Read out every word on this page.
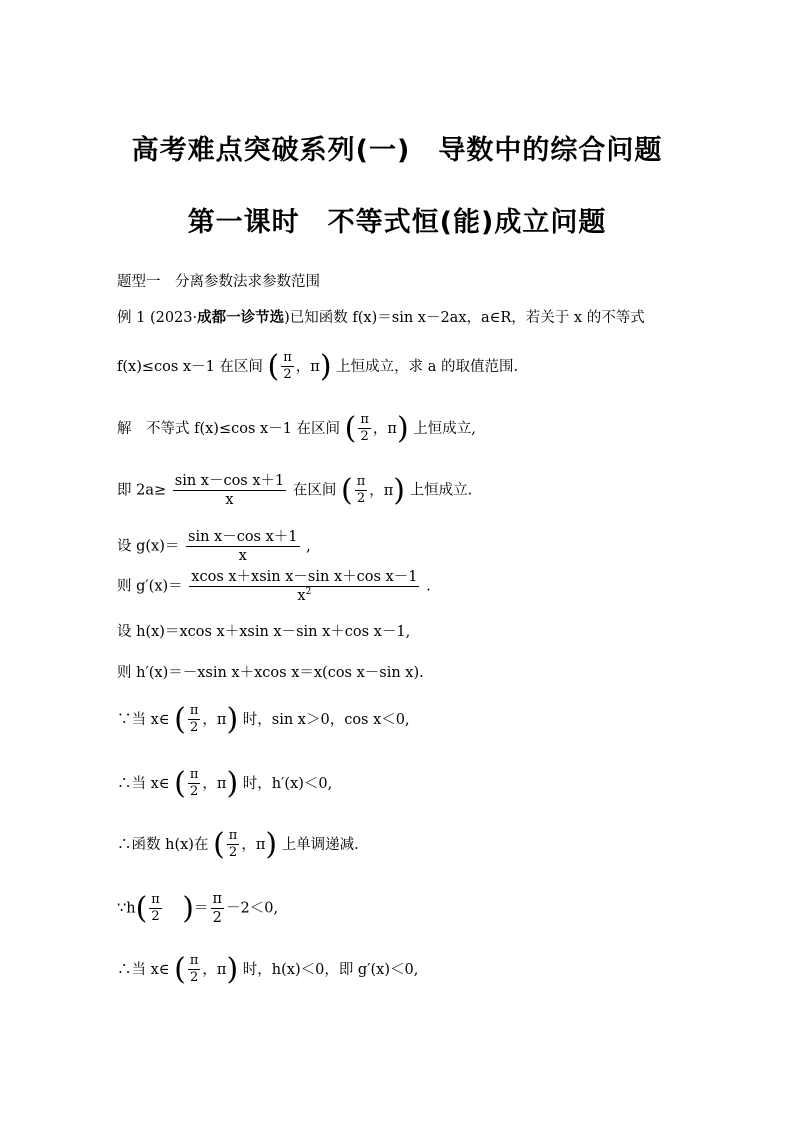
高考难点突破系列(一)　导数中的综合问题
第一课时　不等式恒(能)成立问题
题型一　分离参数法求参数范围
例 1 (2023·成都一诊节选)已知函数 f(x)＝sin x－2ax，a∈R，若关于 x 的不等式
f(x)≤cos x－1 在区间 ( $\frac{\pi}{2}$ ，π) 上恒成立，求 a 的取值范围.
解　不等式 f(x)≤cos x－1 在区间 ( $\frac{\pi}{2}$ ，π) 上恒成立,
即 $2a\ge \frac{\text{sin x－cos x＋1}}{x}$ 在区间 ( $\frac{\pi}{2}$ ，π) 上恒成立.
设 $g(x)= \frac{\text{sin x－cos x＋1}}{x}$ ,
则 $g'(x)= \frac{\text{xcos x＋xsin x－sin x＋cos x－1}}{x^2}$ .
设 h(x)＝xcos x＋xsin x－sin x＋cos x－1,
则 h′(x)＝－xsin x＋xcos x＝x(cos x－sin x).
∵当 x∈ ( $\frac{\pi}{2}$ ，π) 时，sin x＞0，cos x＜0,
∴当 x∈ ( $\frac{\pi}{2}$ ，π) 时，h′(x)＜0,
∴函数 h(x)在 ( $\frac{\pi}{2}$ ，π) 上单调递减.
∵h( $\frac{\pi}{2}$ )＝ $\frac{\pi}{2} -2<0$,
∴当 x∈ ( $\frac{\pi}{2}$ ，π) 时，h(x)＜0，即 g′(x)＜0,
